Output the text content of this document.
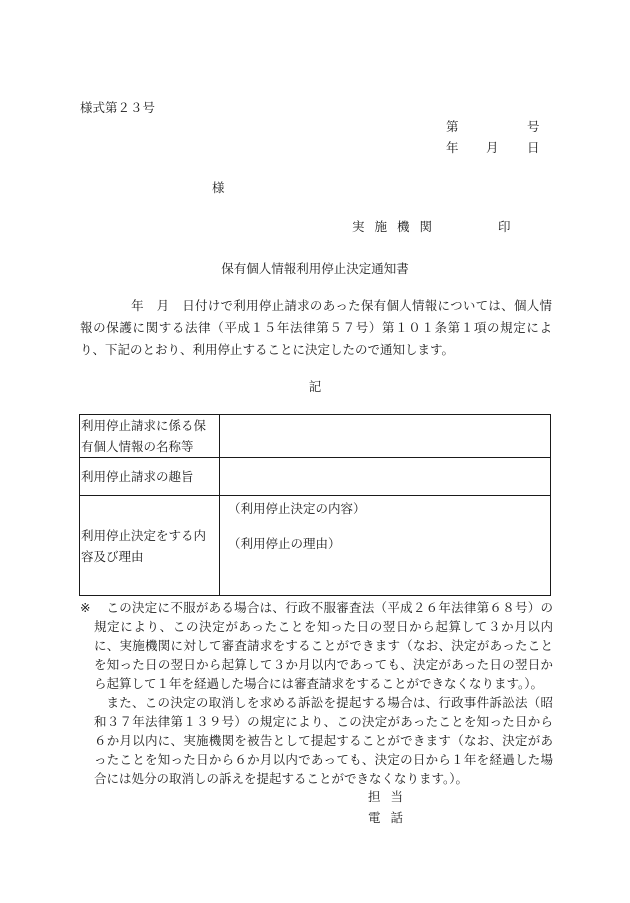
様式第２３号
第	号
年 月 日
様
実施機関	印
保有個人情報利用停止決定通知書
　　　　年　月　日付けで利用停止請求のあった保有個人情報については、個人情報の保護に関する法律（平成１５年法律第５７号）第１０１条第１項の規定により、下記のとおり、利用停止することに決定したので通知します。
記
利用停止請求に係る保有個人情報の名称等	
利用停止請求の趣旨	
利用停止決定をする内容及び理由	（利用停止決定の内容）
（利用停止の理由）
※	この決定に不服がある場合は、行政不服審査法（平成２６年法律第６８号）の規定により、この決定があったことを知った日の翌日から起算して３か月以内に、実施機関に対して審査請求をすることができます（なお、決定があったことを知った日の翌日から起算して３か月以内であっても、決定があった日の翌日から起算して１年を経過した場合には審査請求をすることができなくなります。）。
また、この決定の取消しを求める訴訟を提起する場合は、行政事件訴訟法（昭和３７年法律第１３９号）の規定により、この決定があったことを知った日から６か月以内に、実施機関を被告として提起することができます（なお、決定があったことを知った日から６か月以内であっても、決定の日から１年を経過した場合には処分の取消しの訴えを提起することができなくなります。）。
担当
電話
